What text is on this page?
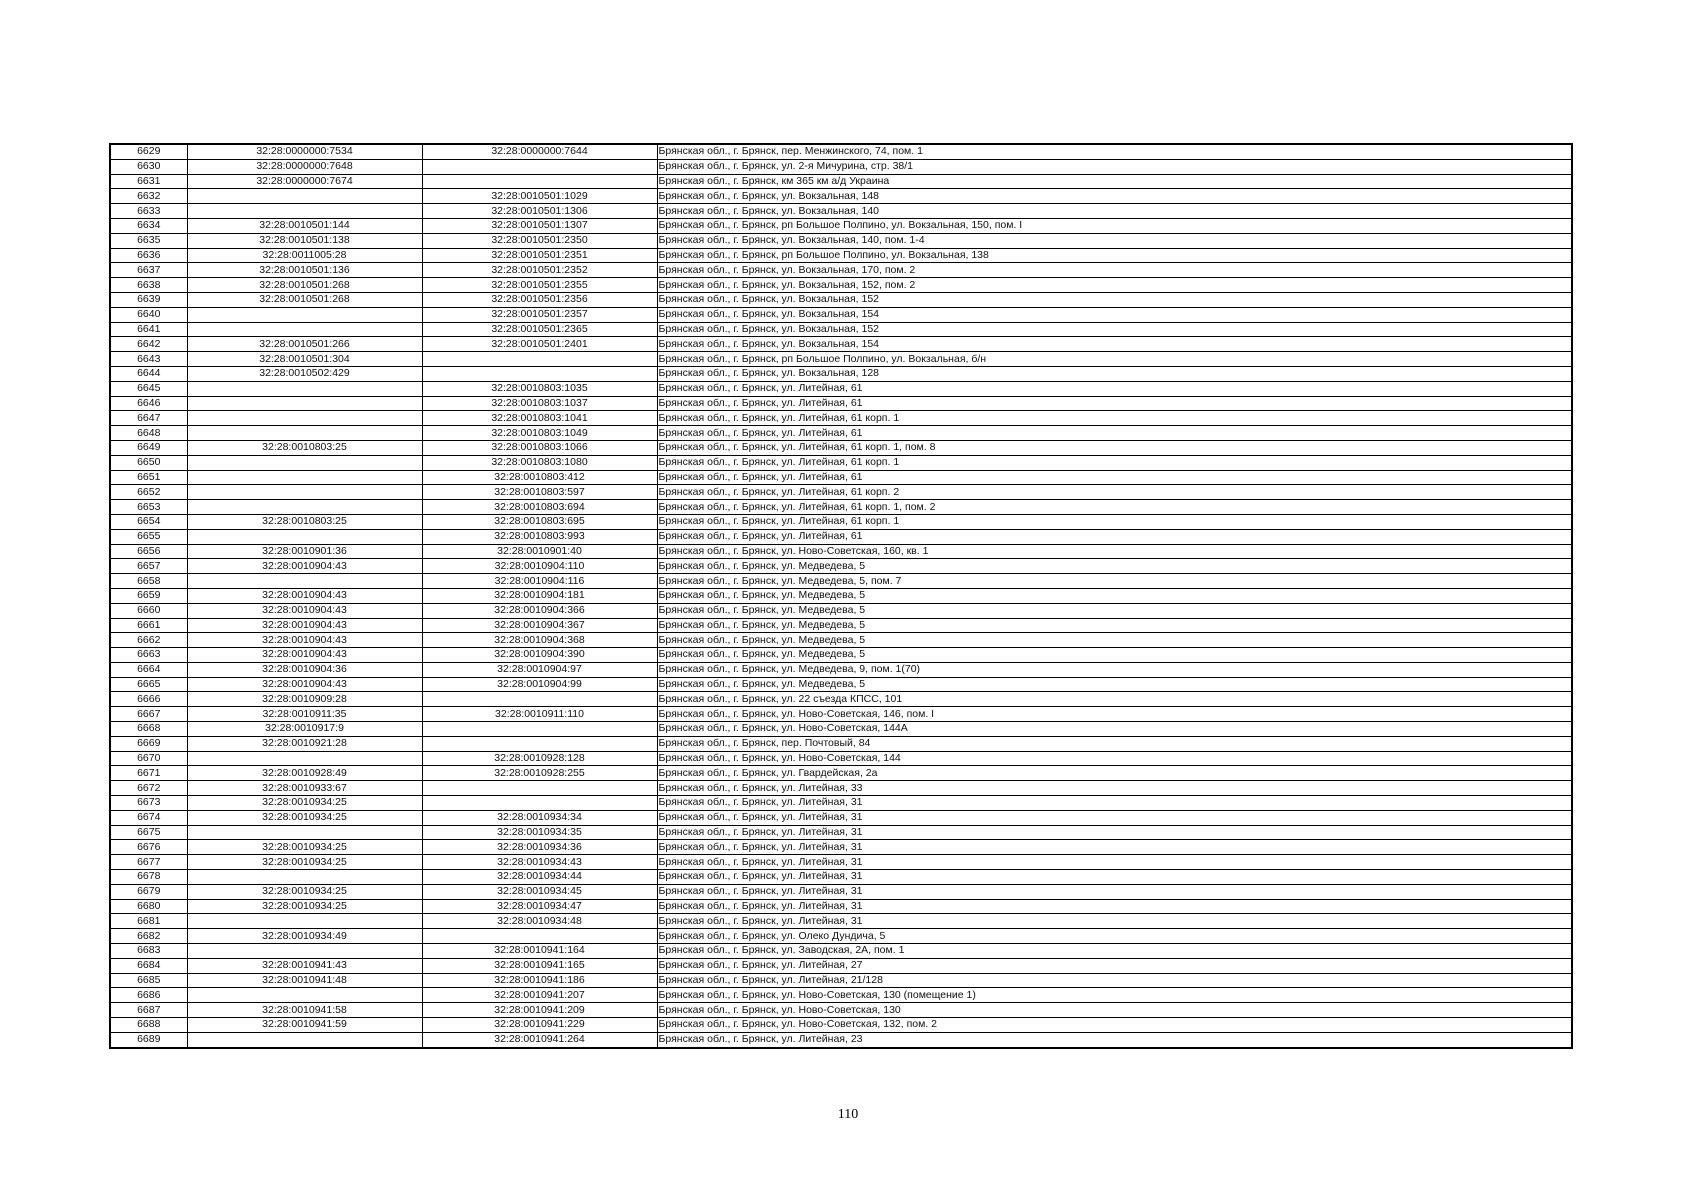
6629	32:28:0000000:7534	32:28:0000000:7644	Брянская обл., г. Брянск, пер. Менжинского, 74, пом. 1
6630	32:28:0000000:7648		Брянская обл., г. Брянск, ул. 2-я Мичурина, стр. 38/1
6631	32:28:0000000:7674		Брянская обл., г. Брянск, км 365 км а/д Украина
6632		32:28:0010501:1029	Брянская обл., г. Брянск, ул. Вокзальная, 148
6633		32:28:0010501:1306	Брянская обл., г. Брянск, ул. Вокзальная, 140
6634	32:28:0010501:144	32:28:0010501:1307	Брянская обл., г. Брянск, рп Большое Полпино, ул. Вокзальная, 150, пом. I
6635	32:28:0010501:138	32:28:0010501:2350	Брянская обл., г. Брянск, ул. Вокзальная, 140, пом. 1-4
6636	32:28:0011005:28	32:28:0010501:2351	Брянская обл., г. Брянск, рп Большое Полпино, ул. Вокзальная, 138
6637	32:28:0010501:136	32:28:0010501:2352	Брянская обл., г. Брянск, ул. Вокзальная, 170, пом. 2
6638	32:28:0010501:268	32:28:0010501:2355	Брянская обл., г. Брянск, ул. Вокзальная, 152, пом. 2
6639	32:28:0010501:268	32:28:0010501:2356	Брянская обл., г. Брянск, ул. Вокзальная, 152
6640		32:28:0010501:2357	Брянская обл., г. Брянск, ул. Вокзальная, 154
6641		32:28:0010501:2365	Брянская обл., г. Брянск, ул. Вокзальная, 152
6642	32:28:0010501:266	32:28:0010501:2401	Брянская обл., г. Брянск, ул. Вокзальная, 154
6643	32:28:0010501:304		Брянская обл., г. Брянск, рп Большое Полпино, ул. Вокзальная, б/н
6644	32:28:0010502:429		Брянская обл., г. Брянск, ул. Вокзальная, 128
6645		32:28:0010803:1035	Брянская обл., г. Брянск, ул. Литейная, 61
6646		32:28:0010803:1037	Брянская обл., г. Брянск, ул. Литейная, 61
6647		32:28:0010803:1041	Брянская обл., г. Брянск, ул. Литейная, 61 корп. 1
6648		32:28:0010803:1049	Брянская обл., г. Брянск, ул. Литейная, 61
6649	32:28:0010803:25	32:28:0010803:1066	Брянская обл., г. Брянск, ул. Литейная, 61 корп. 1, пом. 8
6650		32:28:0010803:1080	Брянская обл., г. Брянск, ул. Литейная, 61 корп. 1
6651		32:28:0010803:412	Брянская обл., г. Брянск, ул. Литейная, 61
6652		32:28:0010803:597	Брянская обл., г. Брянск, ул. Литейная, 61 корп. 2
6653		32:28:0010803:694	Брянская обл., г. Брянск, ул. Литейная, 61 корп. 1, пом. 2
6654	32:28:0010803:25	32:28:0010803:695	Брянская обл., г. Брянск, ул. Литейная, 61 корп. 1
6655		32:28:0010803:993	Брянская обл., г. Брянск, ул. Литейная, 61
6656	32:28:0010901:36	32:28:0010901:40	Брянская обл., г. Брянск, ул. Ново-Советская, 160, кв. 1
6657	32:28:0010904:43	32:28:0010904:110	Брянская обл., г. Брянск, ул. Медведева, 5
6658		32:28:0010904:116	Брянская обл., г. Брянск, ул. Медведева, 5, пом. 7
6659	32:28:0010904:43	32:28:0010904:181	Брянская обл., г. Брянск, ул. Медведева, 5
6660	32:28:0010904:43	32:28:0010904:366	Брянская обл., г. Брянск, ул. Медведева, 5
6661	32:28:0010904:43	32:28:0010904:367	Брянская обл., г. Брянск, ул. Медведева, 5
6662	32:28:0010904:43	32:28:0010904:368	Брянская обл., г. Брянск, ул. Медведева, 5
6663	32:28:0010904:43	32:28:0010904:390	Брянская обл., г. Брянск, ул. Медведева, 5
6664	32:28:0010904:36	32:28:0010904:97	Брянская обл., г. Брянск, ул. Медведева, 9, пом. 1(70)
6665	32:28:0010904:43	32:28:0010904:99	Брянская обл., г. Брянск, ул. Медведева, 5
6666	32:28:0010909:28		Брянская обл., г. Брянск, ул. 22 съезда КПСС, 101
6667	32:28:0010911:35	32:28:0010911:110	Брянская обл., г. Брянск, ул. Ново-Советская, 146, пом. I
6668	32:28:0010917:9		Брянская обл., г. Брянск, ул. Ново-Советская, 144А
6669	32:28:0010921:28		Брянская обл., г. Брянск, пер. Почтовый, 84
6670		32:28:0010928:128	Брянская обл., г. Брянск, ул. Ново-Советская, 144
6671	32:28:0010928:49	32:28:0010928:255	Брянская обл., г. Брянск, ул. Гвардейская, 2а
6672	32:28:0010933:67		Брянская обл., г. Брянск, ул. Литейная, 33
6673	32:28:0010934:25		Брянская обл., г. Брянск, ул. Литейная, 31
6674	32:28:0010934:25	32:28:0010934:34	Брянская обл., г. Брянск, ул. Литейная, 31
6675		32:28:0010934:35	Брянская обл., г. Брянск, ул. Литейная, 31
6676	32:28:0010934:25	32:28:0010934:36	Брянская обл., г. Брянск, ул. Литейная, 31
6677	32:28:0010934:25	32:28:0010934:43	Брянская обл., г. Брянск, ул. Литейная, 31
6678		32:28:0010934:44	Брянская обл., г. Брянск, ул. Литейная, 31
6679	32:28:0010934:25	32:28:0010934:45	Брянская обл., г. Брянск, ул. Литейная, 31
6680	32:28:0010934:25	32:28:0010934:47	Брянская обл., г. Брянск, ул. Литейная, 31
6681		32:28:0010934:48	Брянская обл., г. Брянск, ул. Литейная, 31
6682	32:28:0010934:49		Брянская обл., г. Брянск, ул. Олеко Дундича, 5
6683		32:28:0010941:164	Брянская обл., г. Брянск, ул. Заводская, 2А, пом. 1
6684	32:28:0010941:43	32:28:0010941:165	Брянская обл., г. Брянск, ул. Литейная, 27
6685	32:28:0010941:48	32:28:0010941:186	Брянская обл., г. Брянск, ул. Литейная, 21/128
6686		32:28:0010941:207	Брянская обл., г. Брянск, ул. Ново-Советская, 130 (помещение 1)
6687	32:28:0010941:58	32:28:0010941:209	Брянская обл., г. Брянск, ул. Ново-Советская, 130
6688	32:28:0010941:59	32:28:0010941:229	Брянская обл., г. Брянск, ул. Ново-Советская, 132, пом. 2
6689		32:28:0010941:264	Брянская обл., г. Брянск, ул. Литейная, 23
110
